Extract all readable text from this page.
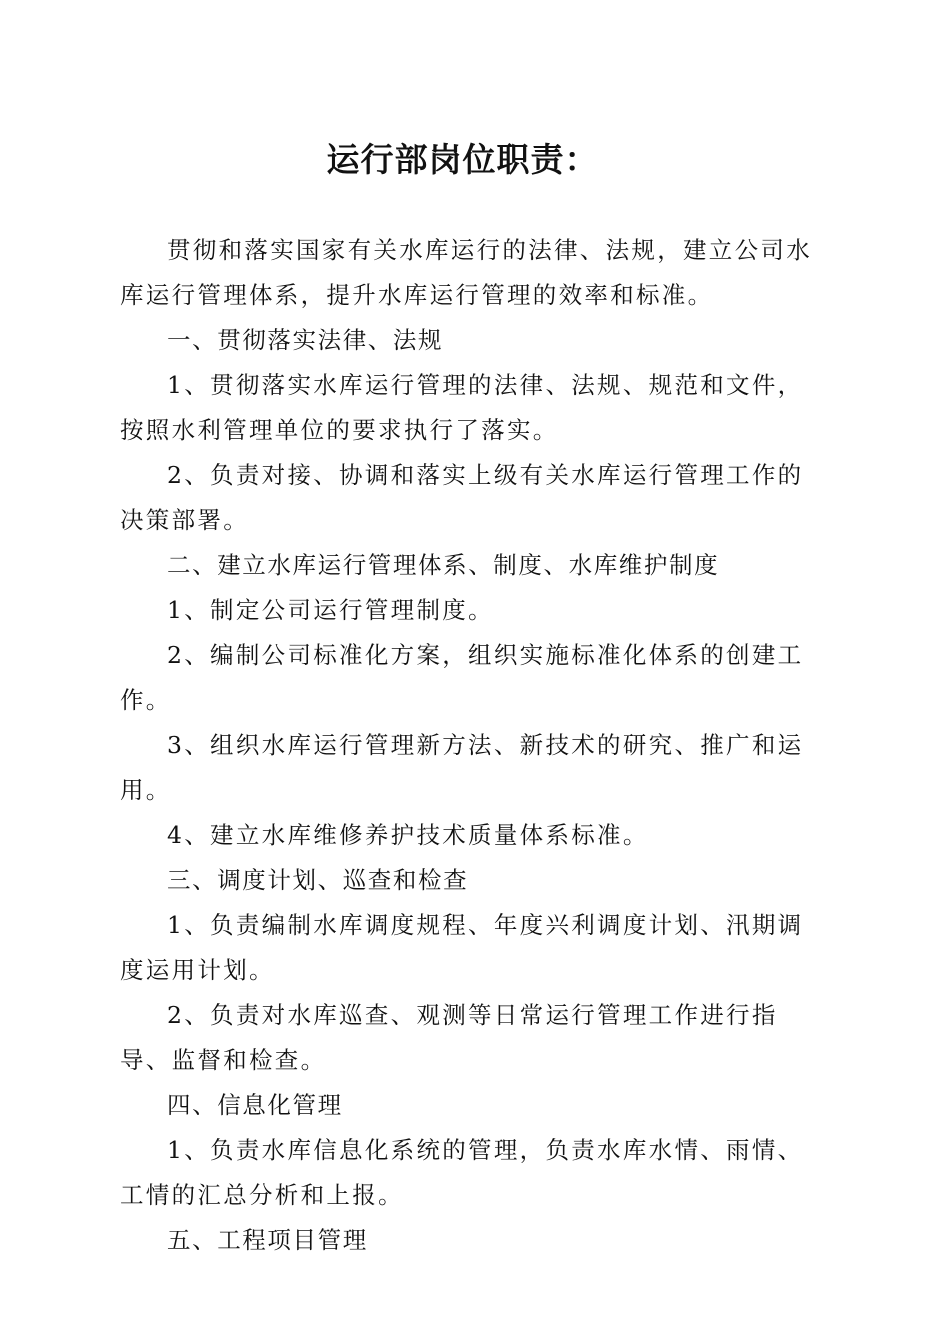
运行部岗位职责：

贯彻和落实国家有关水库运行的法律、法规，建立公司水库运行管理体系，提升水库运行管理的效率和标准。

一、贯彻落实法律、法规

1、贯彻落实水库运行管理的法律、法规、规范和文件，按照水利管理单位的要求执行了落实。

2、负责对接、协调和落实上级有关水库运行管理工作的决策部署。

二、建立水库运行管理体系、制度、水库维护制度

1、制定公司运行管理制度。

2、编制公司标准化方案，组织实施标准化体系的创建工作。

3、组织水库运行管理新方法、新技术的研究、推广和运用。

4、建立水库维修养护技术质量体系标准。

三、调度计划、巡查和检查

1、负责编制水库调度规程、年度兴利调度计划、汛期调度运用计划。

2、负责对水库巡查、观测等日常运行管理工作进行指导、监督和检查。

四、信息化管理

1、负责水库信息化系统的管理，负责水库水情、雨情、工情的汇总分析和上报。

五、工程项目管理
